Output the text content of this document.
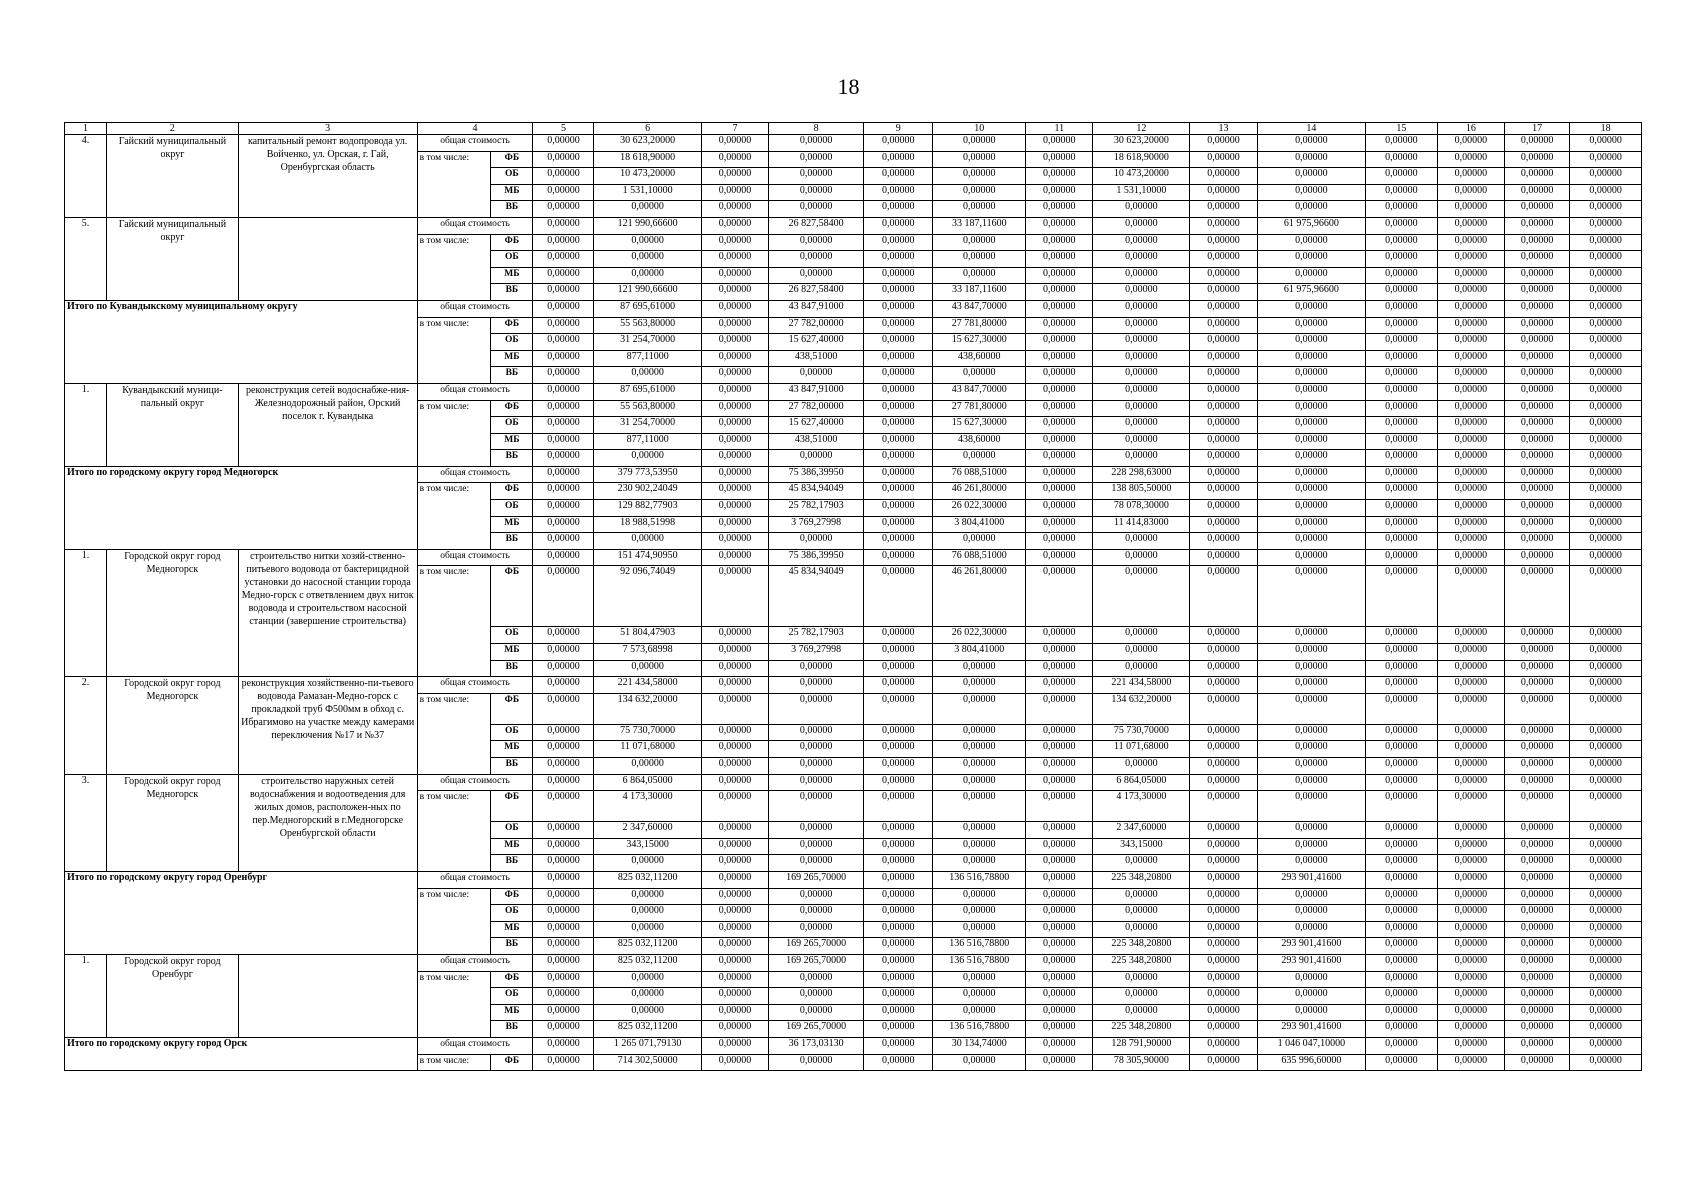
18
1	2	3	4		5	6	7	8	9	10	11	12	13	14	15	16	17	18
4.	Гайский муниципальный округ	капитальный ремонт водопровода ул. Войченко, ул. Орская, г. Гай, Оренбургская область	общая стоимость		0,00000	30 623,20000	0,00000	0,00000	0,00000	0,00000	0,00000	30 623,20000	0,00000	0,00000	0,00000	0,00000	0,00000	0,00000
			в том числе:	ФБ	0,00000	18 618,90000	0,00000	0,00000	0,00000	0,00000	0,00000	18 618,90000	0,00000	0,00000	0,00000	0,00000	0,00000	0,00000
				ОБ	0,00000	10 473,20000	0,00000	0,00000	0,00000	0,00000	0,00000	10 473,20000	0,00000	0,00000	0,00000	0,00000	0,00000	0,00000
				МБ	0,00000	1 531,10000	0,00000	0,00000	0,00000	0,00000	0,00000	1 531,10000	0,00000	0,00000	0,00000	0,00000	0,00000	0,00000
				ВБ	0,00000	0,00000	0,00000	0,00000	0,00000	0,00000	0,00000	0,00000	0,00000	0,00000	0,00000	0,00000	0,00000	0,00000
5.	Гайский муниципальный округ		общая стоимость		0,00000	121 990,66600	0,00000	26 827,58400	0,00000	33 187,11600	0,00000	0,00000	0,00000	61 975,96600	0,00000	0,00000	0,00000	0,00000
			в том числе:	ФБ	0,00000	0,00000	0,00000	0,00000	0,00000	0,00000	0,00000	0,00000	0,00000	0,00000	0,00000	0,00000	0,00000	0,00000
				ОБ	0,00000	0,00000	0,00000	0,00000	0,00000	0,00000	0,00000	0,00000	0,00000	0,00000	0,00000	0,00000	0,00000	0,00000
				МБ	0,00000	0,00000	0,00000	0,00000	0,00000	0,00000	0,00000	0,00000	0,00000	0,00000	0,00000	0,00000	0,00000	0,00000
				ВБ	0,00000	121 990,66600	0,00000	26 827,58400	0,00000	33 187,11600	0,00000	0,00000	0,00000	61 975,96600	0,00000	0,00000	0,00000	0,00000
Итого по Кувандыкскому муниципальному округу			общая стоимость		0,00000	87 695,61000	0,00000	43 847,91000	0,00000	43 847,70000	0,00000	0,00000	0,00000	0,00000	0,00000	0,00000	0,00000	0,00000
			в том числе:	ФБ	0,00000	55 563,80000	0,00000	27 782,00000	0,00000	27 781,80000	0,00000	0,00000	0,00000	0,00000	0,00000	0,00000	0,00000	0,00000
				ОБ	0,00000	31 254,70000	0,00000	15 627,40000	0,00000	15 627,30000	0,00000	0,00000	0,00000	0,00000	0,00000	0,00000	0,00000	0,00000
				МБ	0,00000	877,11000	0,00000	438,51000	0,00000	438,60000	0,00000	0,00000	0,00000	0,00000	0,00000	0,00000	0,00000	0,00000
				ВБ	0,00000	0,00000	0,00000	0,00000	0,00000	0,00000	0,00000	0,00000	0,00000	0,00000	0,00000	0,00000	0,00000	0,00000
1.	Кувандыкский муници-пальный округ	реконструкция сетей водоснабже-ния- Железнодорожный район, Орский поселок г. Кувандыка	общая стоимость		0,00000	87 695,61000	0,00000	43 847,91000	0,00000	43 847,70000	0,00000	0,00000	0,00000	0,00000	0,00000	0,00000	0,00000	0,00000
			в том числе:	ФБ	0,00000	55 563,80000	0,00000	27 782,00000	0,00000	27 781,80000	0,00000	0,00000	0,00000	0,00000	0,00000	0,00000	0,00000	0,00000
				ОБ	0,00000	31 254,70000	0,00000	15 627,40000	0,00000	15 627,30000	0,00000	0,00000	0,00000	0,00000	0,00000	0,00000	0,00000	0,00000
				МБ	0,00000	877,11000	0,00000	438,51000	0,00000	438,60000	0,00000	0,00000	0,00000	0,00000	0,00000	0,00000	0,00000	0,00000
				ВБ	0,00000	0,00000	0,00000	0,00000	0,00000	0,00000	0,00000	0,00000	0,00000	0,00000	0,00000	0,00000	0,00000	0,00000
Итого по городскому округу город Медногорск			общая стоимость		0,00000	379 773,53950	0,00000	75 386,39950	0,00000	76 088,51000	0,00000	228 298,63000	0,00000	0,00000	0,00000	0,00000	0,00000	0,00000
			в том числе:	ФБ	0,00000	230 902,24049	0,00000	45 834,94049	0,00000	46 261,80000	0,00000	138 805,50000	0,00000	0,00000	0,00000	0,00000	0,00000	0,00000
				ОБ	0,00000	129 882,77903	0,00000	25 782,17903	0,00000	26 022,30000	0,00000	78 078,30000	0,00000	0,00000	0,00000	0,00000	0,00000	0,00000
				МБ	0,00000	18 988,51998	0,00000	3 769,27998	0,00000	3 804,41000	0,00000	11 414,83000	0,00000	0,00000	0,00000	0,00000	0,00000	0,00000
				ВБ	0,00000	0,00000	0,00000	0,00000	0,00000	0,00000	0,00000	0,00000	0,00000	0,00000	0,00000	0,00000	0,00000	0,00000
1.	Городской округ город Медногорск	строительство нитки хозяй-ственно-питьевого водовода от бактерицидной установки до насосной станции города Медно-горск с ответвлением двух ниток водовода и строительством насосной станции (завершение строительства)	общая стоимость		0,00000	151 474,90950	0,00000	75 386,39950	0,00000	76 088,51000	0,00000	0,00000	0,00000	0,00000	0,00000	0,00000	0,00000	0,00000
			в том числе:	ФБ	0,00000	92 096,74049	0,00000	45 834,94049	0,00000	46 261,80000	0,00000	0,00000	0,00000	0,00000	0,00000	0,00000	0,00000	0,00000
				ОБ	0,00000	51 804,47903	0,00000	25 782,17903	0,00000	26 022,30000	0,00000	0,00000	0,00000	0,00000	0,00000	0,00000	0,00000	0,00000
				МБ	0,00000	7 573,68998	0,00000	3 769,27998	0,00000	3 804,41000	0,00000	0,00000	0,00000	0,00000	0,00000	0,00000	0,00000	0,00000
				ВБ	0,00000	0,00000	0,00000	0,00000	0,00000	0,00000	0,00000	0,00000	0,00000	0,00000	0,00000	0,00000	0,00000	0,00000
2.	Городской округ город Медногорск	реконструкция хозяйственно-пи-тьевого водовода Рамазан-Медно-горск с прокладкой труб Ф500мм в обход с. Ибрагимово на участке между камерами переключения №17 и №37	общая стоимость		0,00000	221 434,58000	0,00000	0,00000	0,00000	0,00000	0,00000	221 434,58000	0,00000	0,00000	0,00000	0,00000	0,00000	0,00000
			в том числе:	ФБ	0,00000	134 632,20000	0,00000	0,00000	0,00000	0,00000	0,00000	134 632,20000	0,00000	0,00000	0,00000	0,00000	0,00000	0,00000
				ОБ	0,00000	75 730,70000	0,00000	0,00000	0,00000	0,00000	0,00000	75 730,70000	0,00000	0,00000	0,00000	0,00000	0,00000	0,00000
				МБ	0,00000	11 071,68000	0,00000	0,00000	0,00000	0,00000	0,00000	11 071,68000	0,00000	0,00000	0,00000	0,00000	0,00000	0,00000
				ВБ	0,00000	0,00000	0,00000	0,00000	0,00000	0,00000	0,00000	0,00000	0,00000	0,00000	0,00000	0,00000	0,00000	0,00000
3.	Городской округ город Медногорск	строительство наружных сетей водоснабжения и водоотведения для жилых домов, расположен-ных по пер.Медногорский в г.Медногорске Оренбургской области	общая стоимость		0,00000	6 864,05000	0,00000	0,00000	0,00000	0,00000	0,00000	6 864,05000	0,00000	0,00000	0,00000	0,00000	0,00000	0,00000
			в том числе:	ФБ	0,00000	4 173,30000	0,00000	0,00000	0,00000	0,00000	0,00000	4 173,30000	0,00000	0,00000	0,00000	0,00000	0,00000	0,00000
				ОБ	0,00000	2 347,60000	0,00000	0,00000	0,00000	0,00000	0,00000	2 347,60000	0,00000	0,00000	0,00000	0,00000	0,00000	0,00000
				МБ	0,00000	343,15000	0,00000	0,00000	0,00000	0,00000	0,00000	343,15000	0,00000	0,00000	0,00000	0,00000	0,00000	0,00000
				ВБ	0,00000	0,00000	0,00000	0,00000	0,00000	0,00000	0,00000	0,00000	0,00000	0,00000	0,00000	0,00000	0,00000	0,00000
Итого по городскому округу город Оренбург			общая стоимость		0,00000	825 032,11200	0,00000	169 265,70000	0,00000	136 516,78800	0,00000	225 348,20800	0,00000	293 901,41600	0,00000	0,00000	0,00000	0,00000
			в том числе:	ФБ	0,00000	0,00000	0,00000	0,00000	0,00000	0,00000	0,00000	0,00000	0,00000	0,00000	0,00000	0,00000	0,00000	0,00000
				ОБ	0,00000	0,00000	0,00000	0,00000	0,00000	0,00000	0,00000	0,00000	0,00000	0,00000	0,00000	0,00000	0,00000	0,00000
				МБ	0,00000	0,00000	0,00000	0,00000	0,00000	0,00000	0,00000	0,00000	0,00000	0,00000	0,00000	0,00000	0,00000	0,00000
				ВБ	0,00000	825 032,11200	0,00000	169 265,70000	0,00000	136 516,78800	0,00000	225 348,20800	0,00000	293 901,41600	0,00000	0,00000	0,00000	0,00000
1.	Городской округ город Оренбург		общая стоимость		0,00000	825 032,11200	0,00000	169 265,70000	0,00000	136 516,78800	0,00000	225 348,20800	0,00000	293 901,41600	0,00000	0,00000	0,00000	0,00000
			в том числе:	ФБ	0,00000	0,00000	0,00000	0,00000	0,00000	0,00000	0,00000	0,00000	0,00000	0,00000	0,00000	0,00000	0,00000	0,00000
				ОБ	0,00000	0,00000	0,00000	0,00000	0,00000	0,00000	0,00000	0,00000	0,00000	0,00000	0,00000	0,00000	0,00000	0,00000
				МБ	0,00000	0,00000	0,00000	0,00000	0,00000	0,00000	0,00000	0,00000	0,00000	0,00000	0,00000	0,00000	0,00000	0,00000
				ВБ	0,00000	825 032,11200	0,00000	169 265,70000	0,00000	136 516,78800	0,00000	225 348,20800	0,00000	293 901,41600	0,00000	0,00000	0,00000	0,00000
Итого по городскому округу город Орск			общая стоимость		0,00000	1 265 071,79130	0,00000	36 173,03130	0,00000	30 134,74000	0,00000	128 791,90000	0,00000	1 046 047,10000	0,00000	0,00000	0,00000	0,00000
			в том числе:	ФБ	0,00000	714 302,50000	0,00000	0,00000	0,00000	0,00000	0,00000	78 305,90000	0,00000	635 996,60000	0,00000	0,00000	0,00000	0,00000
